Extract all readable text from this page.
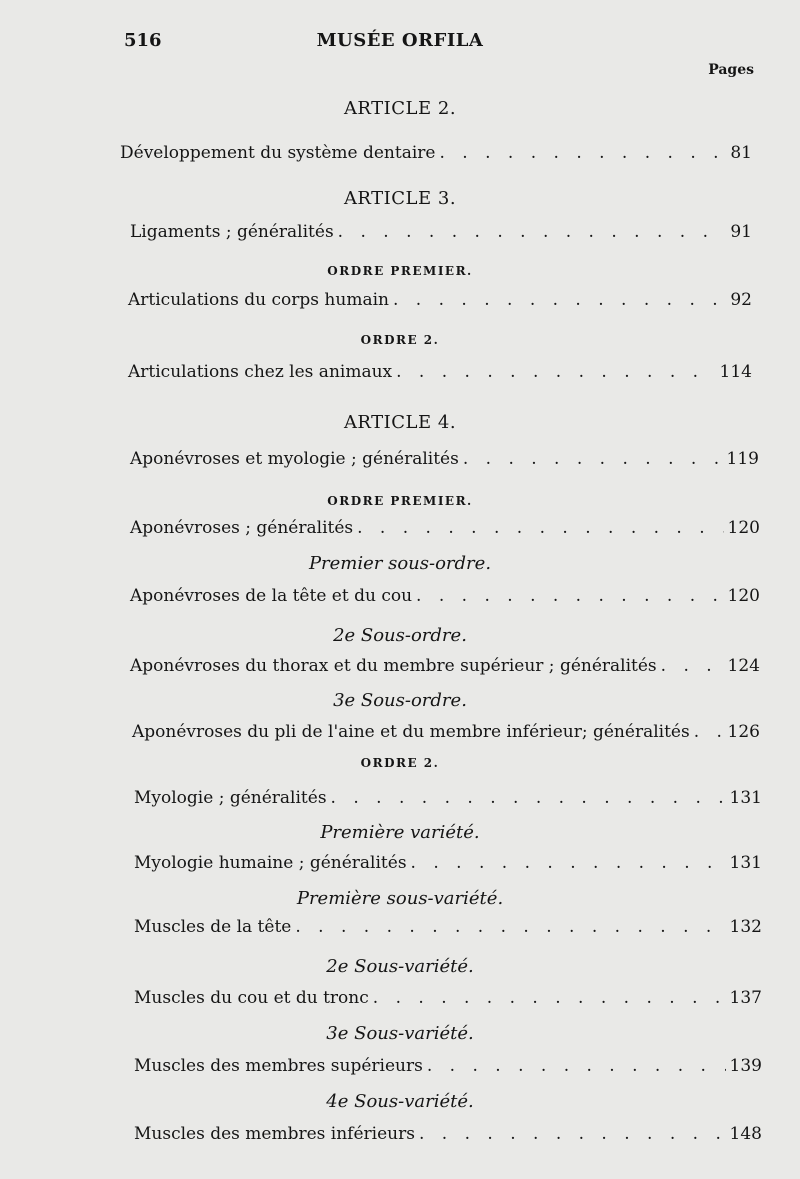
516	MUSÉE ORFILA
Pages
ARTICLE 2.
Développement du système dentaire . . .	81
ARTICLE 3.
Ligaments ; généralités . . .	91
ORDRE PREMIER.
Articulations du corps humain . . .	92
ORDRE 2.
Articulations chez les animaux . . .	114
ARTICLE 4.
Aponévroses et myologie ; généralités . . .	119
ORDRE PREMIER.
Aponévroses ; généralités . . .	120
Premier sous-ordre.
Aponévroses de la tête et du cou . . .	120
2e Sous-ordre.
Aponévroses du thorax et du membre supérieur ; généralités . . .	124
3e Sous-ordre.
Aponévroses du pli de l'aine et du membre inférieur; généralités . . . 126
ORDRE 2.
Myologie ; généralités . . .	131
Première variété.
Myologie humaine ; généralités . . .	131
Première sous-variété.
Muscles de la tête . . .	132
2e Sous-variété.
Muscles du cou et du tronc . . .	137
3e Sous-variété.
Muscles des membres supérieurs . . .	139
4e Sous-variété.
Muscles des membres inférieurs . . .	148
